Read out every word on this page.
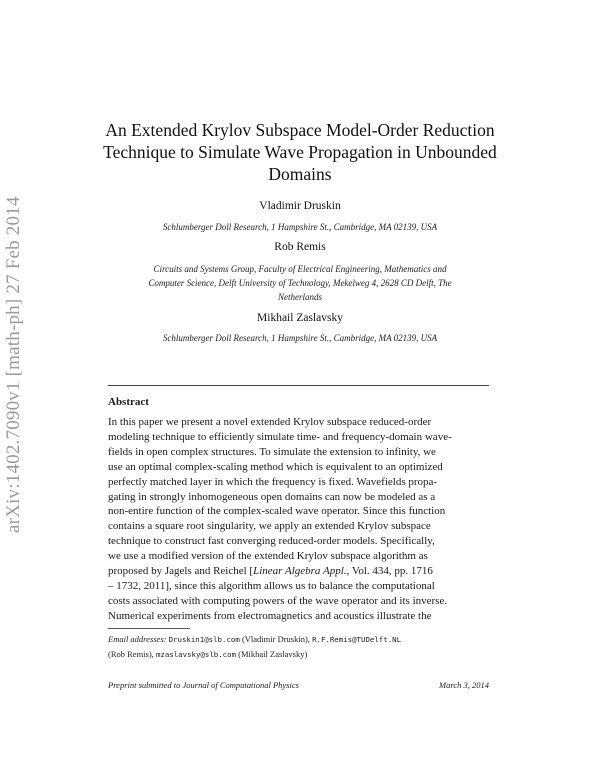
arXiv:1402.7090v1 [math-ph] 27 Feb 2014
An Extended Krylov Subspace Model-Order Reduction
Technique to Simulate Wave Propagation in Unbounded
Domains
Vladimir Druskin
Schlumberger Doll Research, 1 Hampshire St., Cambridge, MA 02139, USA
Rob Remis
Circuits and Systems Group, Faculty of Electrical Engineering, Mathematics and
Computer Science, Delft University of Technology, Mekelweg 4, 2628 CD Delft, The
Netherlands
Mikhail Zaslavsky
Schlumberger Doll Research, 1 Hampshire St., Cambridge, MA 02139, USA
Abstract
In this paper we present a novel extended Krylov subspace reduced-order
modeling technique to efficiently simulate time- and frequency-domain wave-
fields in open complex structures. To simulate the extension to infinity, we
use an optimal complex-scaling method which is equivalent to an optimized
perfectly matched layer in which the frequency is fixed. Wavefields propa-
gating in strongly inhomogeneous open domains can now be modeled as a
non-entire function of the complex-scaled wave operator. Since this function
contains a square root singularity, we apply an extended Krylov subspace
technique to construct fast converging reduced-order models. Specifically,
we use a modified version of the extended Krylov subspace algorithm as
proposed by Jagels and Reichel [Linear Algebra Appl., Vol. 434, pp. 1716
– 1732, 2011], since this algorithm allows us to balance the computational
costs associated with computing powers of the wave operator and its inverse.
Numerical experiments from electromagnetics and acoustics illustrate the
Email addresses: Druskin1@slb.com (Vladimir Druskin), R.F.Remis@TUDelft.NL
(Rob Remis), mzaslavsky@slb.com (Mikhail Zaslavsky)
Preprint submitted to Journal of Computational Physics	March 3, 2014
